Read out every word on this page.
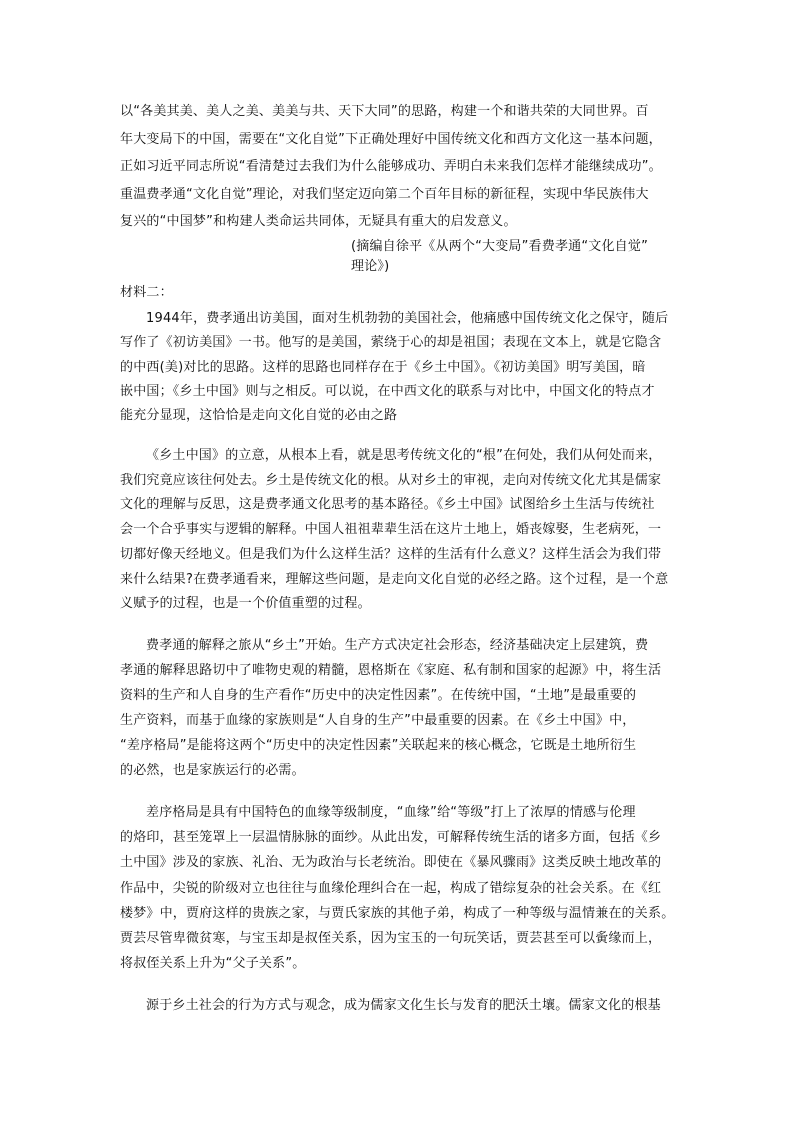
以“各美其美、美人之美、美美与共、天下大同”的思路，构建一个和谐共荣的大同世界。百
年大变局下的中国，需要在“文化自觉”下正确处理好中国传统文化和西方文化这一基本问题，
正如习近平同志所说“看清楚过去我们为什么能够成功、弄明白未来我们怎样才能继续成功”。
重温费孝通“文化自觉”理论，对我们坚定迈向第二个百年目标的新征程，实现中华民族伟大
复兴的“中国梦”和构建人类命运共同体，无疑具有重大的启发意义。
(摘编自徐平《从两个“大变局”看费孝通“文化自觉”
理论》)
材料二：
1944年，费孝通出访美国，面对生机勃勃的美国社会，他痛感中国传统文化之保守，随后
写作了《初访美国》一书。他写的是美国，萦绕于心的却是祖国；表现在文本上，就是它隐含
的中西(美)对比的思路。这样的思路也同样存在于《乡土中国》。《初访美国》明写美国，暗
嵌中国；《乡土中国》则与之相反。可以说，在中西文化的联系与对比中，中国文化的特点才
能充分显现，这恰恰是走向文化自觉的必由之路
《乡土中国》的立意，从根本上看，就是思考传统文化的“根”在何处，我们从何处而来，
我们究竟应该往何处去。乡土是传统文化的根。从对乡土的审视，走向对传统文化尤其是儒家
文化的理解与反思，这是费孝通文化思考的基本路径。《乡土中国》试图给乡土生活与传统社
会一个合乎事实与逻辑的解释。中国人祖祖辈辈生活在这片土地上，婚丧嫁娶，生老病死，一
切都好像天经地义。但是我们为什么这样生活？这样的生活有什么意义？这样生活会为我们带
来什么结果?在费孝通看来，理解这些问题，是走向文化自觉的必经之路。这个过程，是一个意
义赋予的过程，也是一个价值重塑的过程。
费孝通的解释之旅从“乡土”开始。生产方式决定社会形态，经济基础决定上层建筑，费
孝通的解释思路切中了唯物史观的精髓，恩格斯在《家庭、私有制和国家的起源》中，将生活
资料的生产和人自身的生产看作“历史中的决定性因素”。在传统中国，“土地”是最重要的
生产资料，而基于血缘的家族则是“人自身的生产”中最重要的因素。在《乡土中国》中，
“差序格局”是能将这两个“历史中的决定性因素”关联起来的核心概念，它既是土地所衍生
的必然，也是家族运行的必需。
差序格局是具有中国特色的血缘等级制度，“血缘”给“等级”打上了浓厚的情感与伦理
的烙印，甚至笼罩上一层温情脉脉的面纱。从此出发，可解释传统生活的诸多方面，包括《乡
土中国》涉及的家族、礼治、无为政治与长老统治。即使在《暴风骤雨》这类反映土地改革的
作品中，尖锐的阶级对立也往往与血缘伦理纠合在一起，构成了错综复杂的社会关系。在《红
楼梦》中，贾府这样的贵族之家，与贾氏家族的其他子弟，构成了一种等级与温情兼在的关系。
贾芸尽管卑微贫寒，与宝玉却是叔侄关系，因为宝玉的一句玩笑话，贾芸甚至可以夤缘而上，
将叔侄关系上升为“父子关系”。
源于乡土社会的行为方式与观念，成为儒家文化生长与发育的肥沃土壤。儒家文化的根基
